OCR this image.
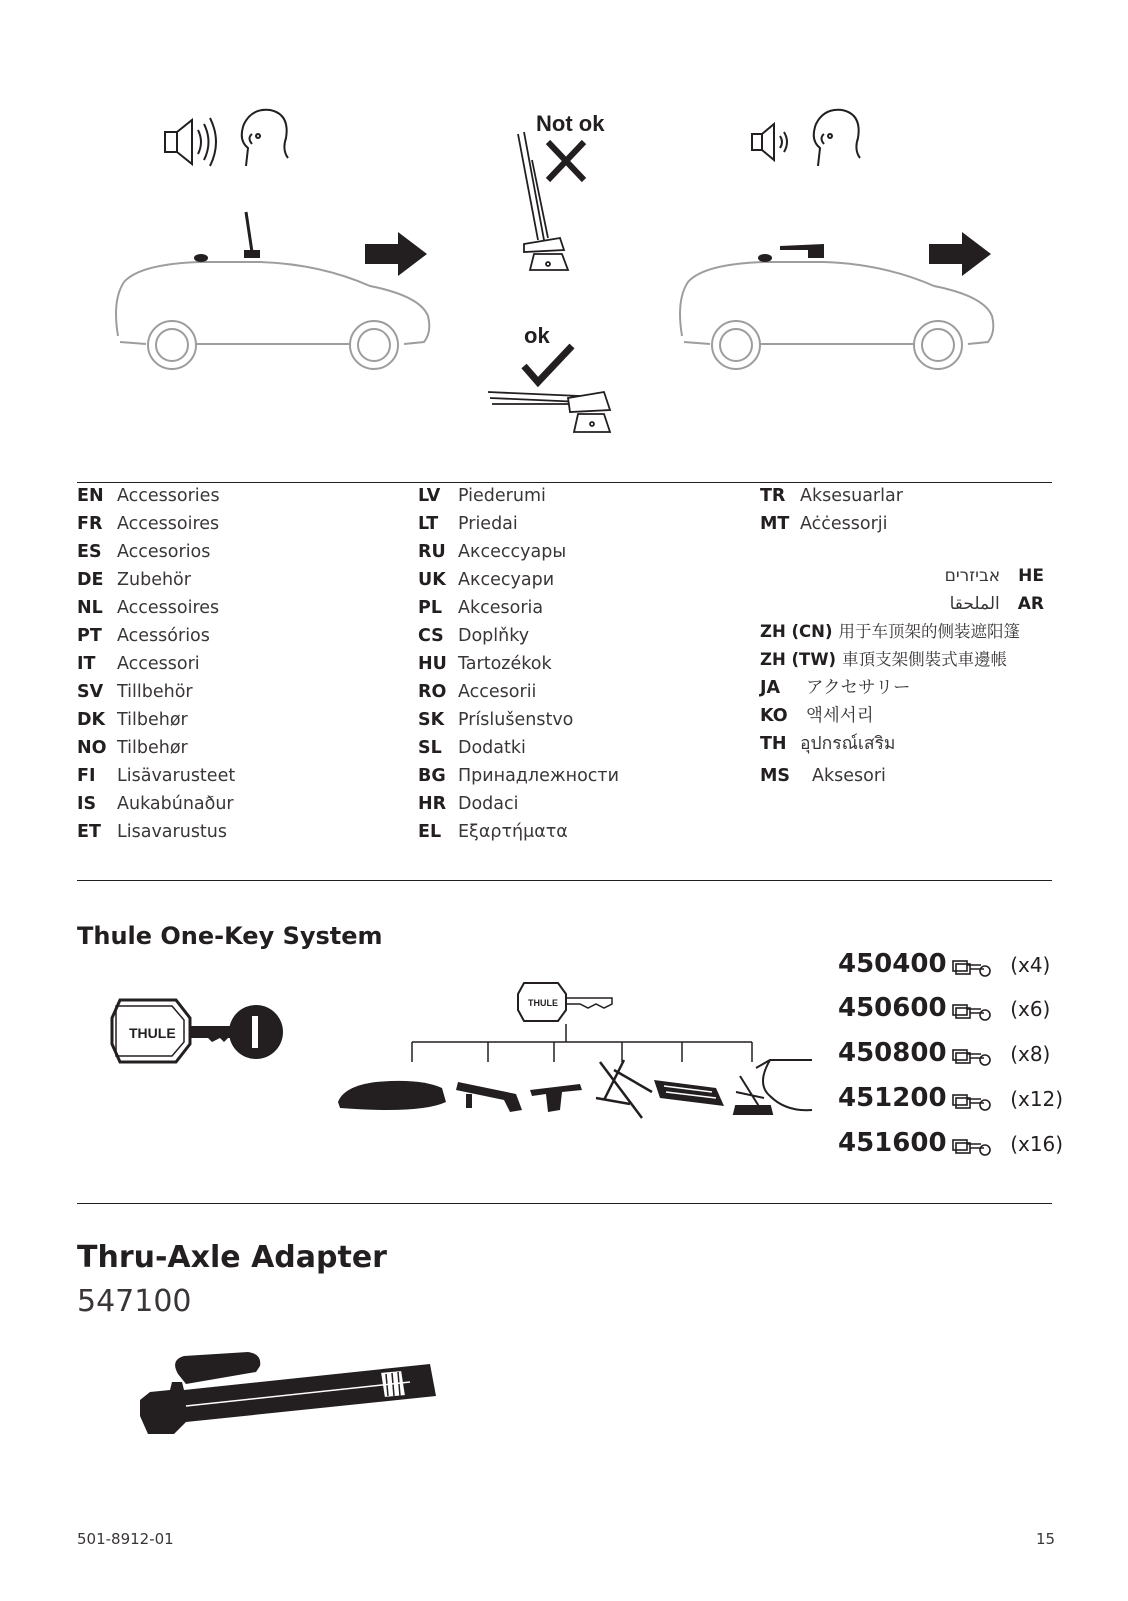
Not ok
ok
EN Accessories
FR Accessoires
ES Accesorios
DE Zubehör
NL Accessoires
PT Acessórios
IT Accessori
SV Tillbehör
DK Tilbehør
NO Tilbehør
FI Lisävarusteet
IS Aukabúnaður
ET Lisavarustus
LV Piederumi
LT Priedai
RU Аксессуары
UK Аксесуари
PL Akcesoria
CS Doplňky
HU Tartozékok
RO Accesorii
SK Príslušenstvo
SL Dodatki
BG Принадлежности
HR Dodaci
EL Εξαρτήματα
TR Aksesuarlar
MT Aċċessorji
אביזרים HE
الملحقا AR
ZH (CN) 用于车顶架的侧装遮阳篷
ZH (TW) 車頂支架側裝式車邊帳
JA アクセサリー
KO 액세서리
TH อุปกรณ์เสริม
MS Aksesori
Thule One-Key System
THULE
THULE
450400	(x4)
450600	(x6)
450800	(x8)
451200	(x12)
451600	(x16)
Thru-Axle Adapter
547100
501-8912-01	15
